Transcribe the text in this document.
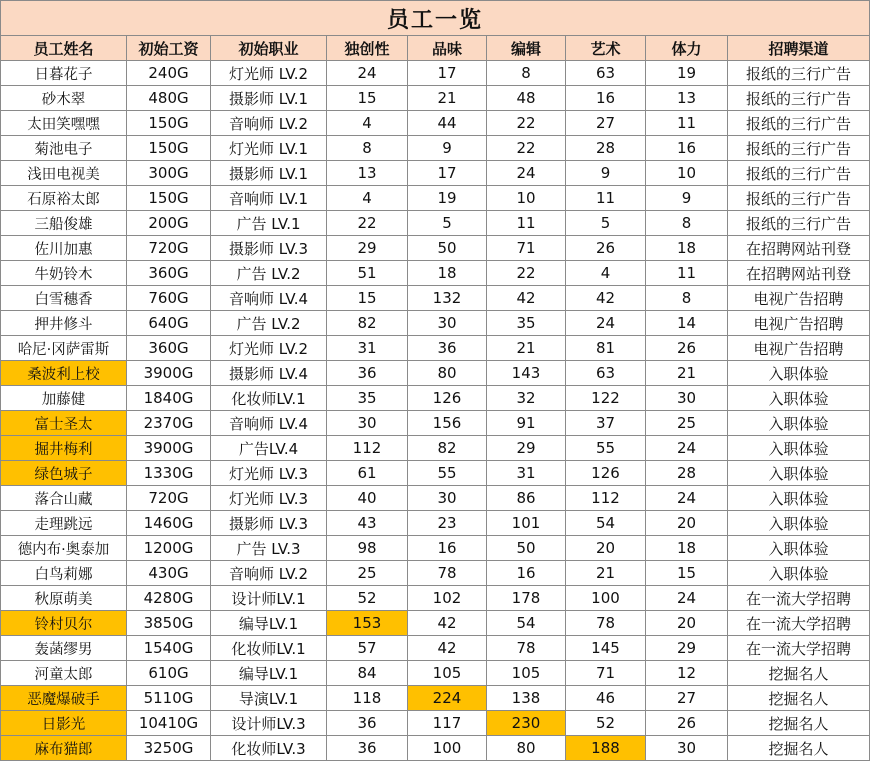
员工一览								
员工姓名	初始工资	初始职业	独创性	品味	编辑	艺术	体力	招聘渠道
日暮花子	240G	灯光师 LV.2	24	17	8	63	19	报纸的三行广告
砂木翠	480G	摄影师 LV.1	15	21	48	16	13	报纸的三行广告
太田笑嘿嘿	150G	音响师 LV.2	4	44	22	27	11	报纸的三行广告
菊池电子	150G	灯光师 LV.1	8	9	22	28	16	报纸的三行广告
浅田电视美	300G	摄影师 LV.1	13	17	24	9	10	报纸的三行广告
石原裕太郎	150G	音响师 LV.1	4	19	10	11	9	报纸的三行广告
三船俊雄	200G	广告 LV.1	22	5	11	5	8	报纸的三行广告
佐川加惠	720G	摄影师 LV.3	29	50	71	26	18	在招聘网站刊登
牛奶铃木	360G	广告 LV.2	51	18	22	4	11	在招聘网站刊登
白雪穗香	760G	音响师 LV.4	15	132	42	42	8	电视广告招聘
押井修斗	640G	广告 LV.2	82	30	35	24	14	电视广告招聘
哈尼·冈萨雷斯	360G	灯光师 LV.2	31	36	21	81	26	电视广告招聘
桑波利上校	3900G	摄影师 LV.4	36	80	143	63	21	入职体验
加藤健	1840G	化妆师LV.1	35	126	32	122	30	入职体验
富士圣太	2370G	音响师 LV.4	30	156	91	37	25	入职体验
掘井梅利	3900G	广告LV.4	112	82	29	55	24	入职体验
绿色城子	1330G	灯光师 LV.3	61	55	31	126	28	入职体验
落合山藏	720G	灯光师 LV.3	40	30	86	112	24	入职体验
走理跳远	1460G	摄影师 LV.3	43	23	101	54	20	入职体验
德内布·奥泰加	1200G	广告 LV.3	98	16	50	20	18	入职体验
白鸟莉娜	430G	音响师 LV.2	25	78	16	21	15	入职体验
秋原萌美	4280G	设计师LV.1	52	102	178	100	24	在一流大学招聘
铃村贝尔	3850G	编导LV.1	153	42	54	78	20	在一流大学招聘
轰菡缪男	1540G	化妆师LV.1	57	42	78	145	29	在一流大学招聘
河童太郎	610G	编导LV.1	84	105	105	71	12	挖掘名人
恶魔爆破手	5110G	导演LV.1	118	224	138	46	27	挖掘名人
日影光	10410G	设计师LV.3	36	117	230	52	26	挖掘名人
麻布猫郎	3250G	化妆师LV.3	36	100	80	188	30	挖掘名人
